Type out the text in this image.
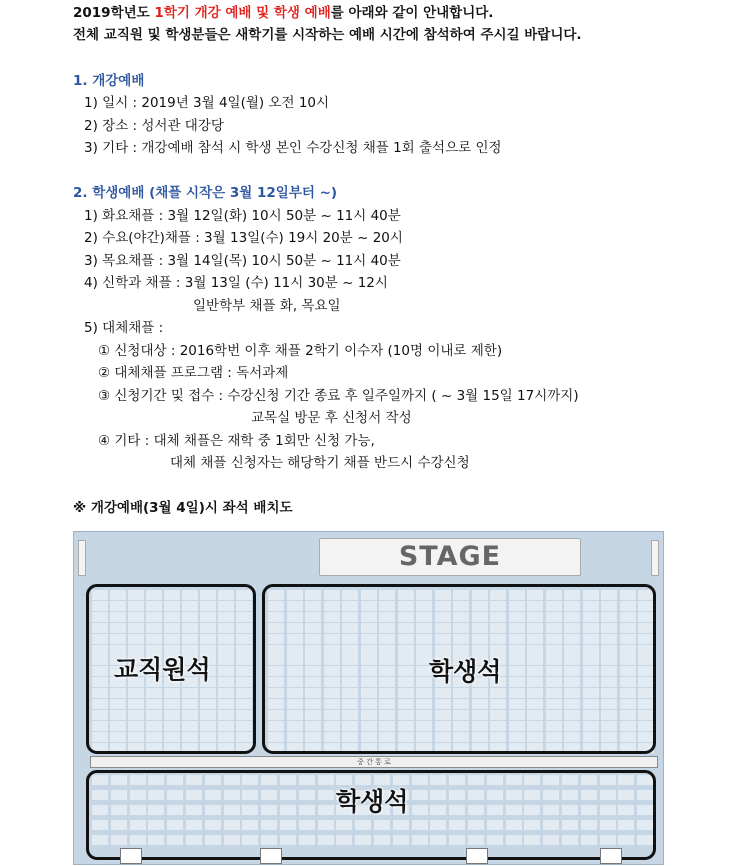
2019학년도 1학기 개강 예배 및 학생 예배를 아래와 같이 안내합니다.
전체 교직원 및 학생분들은 새학기를 시작하는 예배 시간에 참석하여 주시길 바랍니다.
1. 개강예배
1) 일시 : 2019년 3월 4일(월) 오전 10시
2) 장소 : 성서관 대강당
3) 기타 : 개강예배 참석 시 학생 본인 수강신청 채플 1회 출석으로 인정
2. 학생예배 (채플 시작은 3월 12일부터 ~)
1) 화요채플 : 3월 12일(화) 10시 50분 ~ 11시 40분
2) 수요(야간)채플 : 3월 13일(수) 19시 20분 ~ 20시
3) 목요채플 : 3월 14일(목) 10시 50분 ~ 11시 40분
4) 신학과 채플 : 3월 13일 (수) 11시 30분 ~ 12시
일반학부 채플 화, 목요일
5) 대체채플 :
① 신청대상 : 2016학번 이후 채플 2학기 이수자 (10명 이내로 제한)
② 대체채플 프로그램 : 독서과제
③ 신청기간 및 접수 : 수강신청 기간 종료 후 일주일까지 ( ~ 3월 15일 17시까지)
교목실 방문 후 신청서 작성
④ 기타 : 대체 채플은 재학 중 1회만 신청 가능,
대체 채플 신청자는 해당학기 채플 반드시 수강신청
※ 개강예배(3월 4일)시 좌석 배치도
STAGE
중 간 통 로
교직원석	학생석
학생석
